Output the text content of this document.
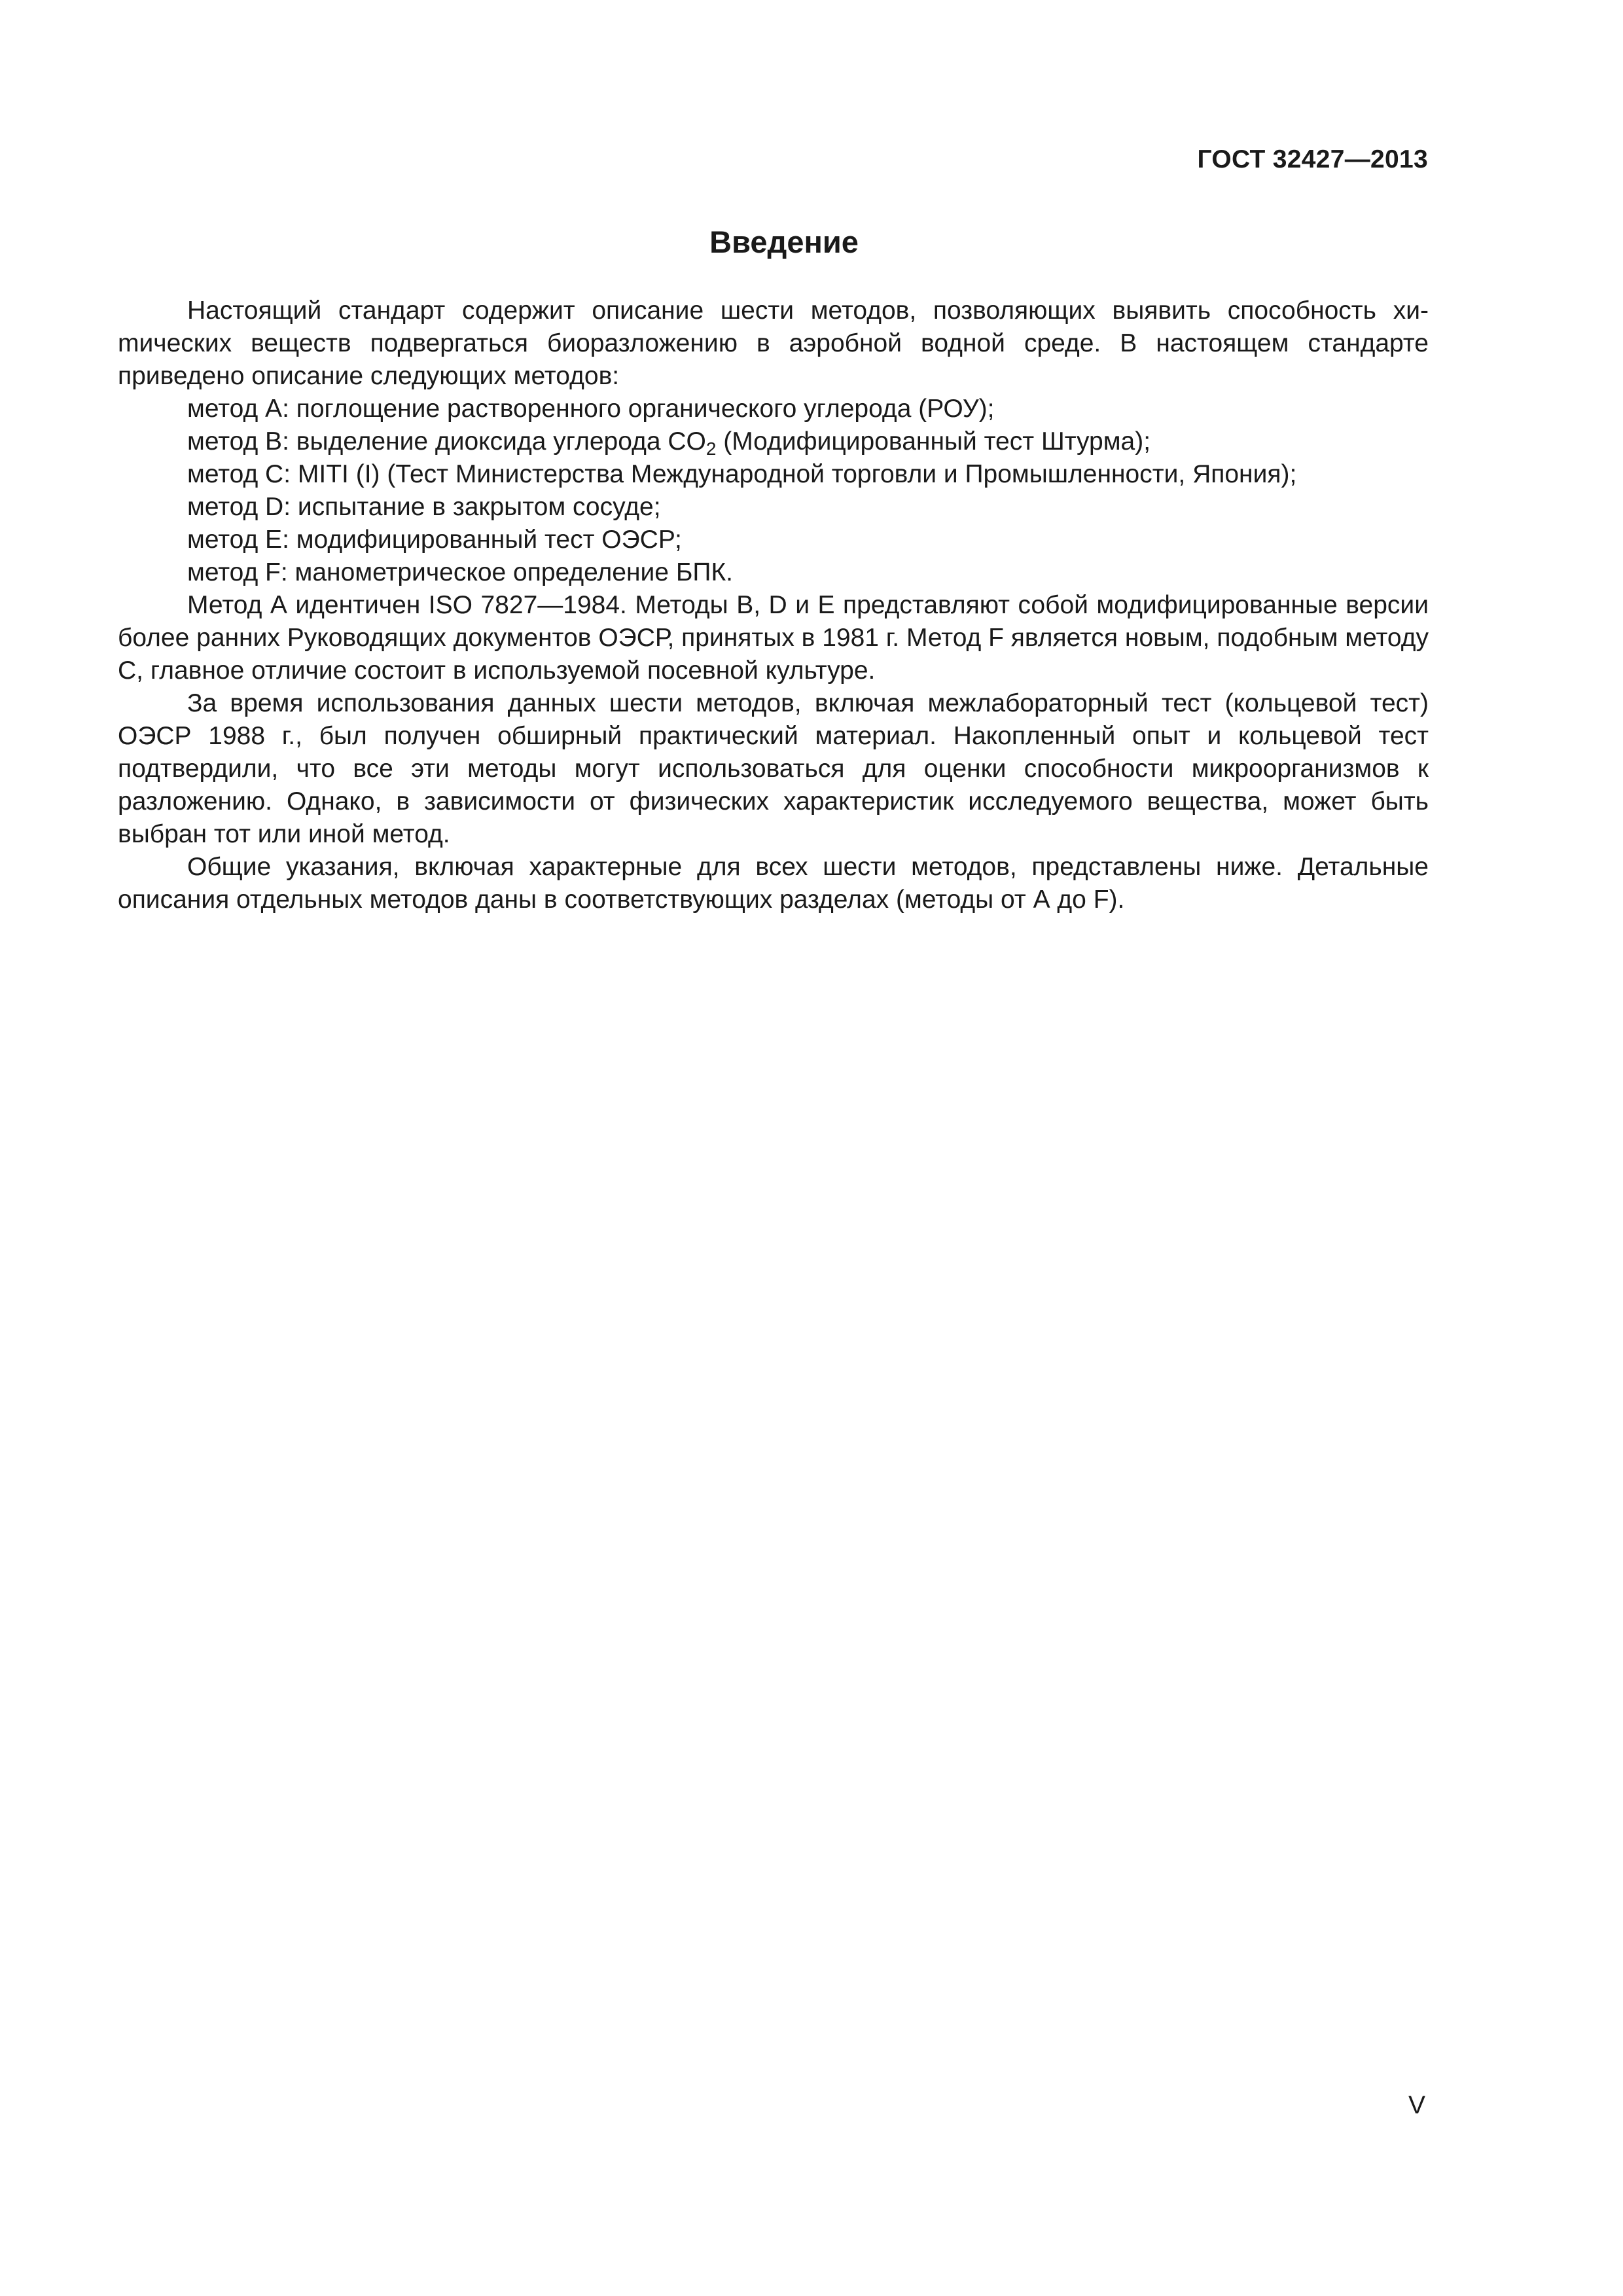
ГОСТ 32427—2013
Введение

Настоящий стандарт содержит описание шести методов, позволяющих выявить способность хиmических веществ подвергаться биоразложению в аэробной водной среде. В настоящем стандарте приведено описание следующих методов:

метод А: поглощение растворенного органического углерода (РОУ);

метод В: выделение диоксида углерода $CO_2$ (Модифицированный тест Штурма);

метод С: MITI (I) (Тест Министерства Международной торговли и Промышленности, Япония);

метод D: испытание в закрытом сосуде;

метод Е: модифицированный тест ОЭСР;

метод F: манометрическое определение БПК.

Метод А идентичен ISO 7827—1984. Методы B, D и E представляют собой модифицированные версии более ранних Руководящих документов ОЭСР, принятых в 1981 г. Метод F является новым, подобным методу С, главное отличие состоит в используемой посевной культуре.

За время использования данных шести методов, включая межлабораторный тест (кольцевой тест) ОЭСР 1988 г., был получен обширный практический материал. Накопленный опыт и кольцевой тест подтвердили, что все эти методы могут использоваться для оценки способности микроорганизмов к разложению. Однако, в зависимости от физических характеристик исследуемого вещества, может быть выбран тот или иной метод.

Общие указания, включая характерные для всех шести методов, представлены ниже. Детальные описания отдельных методов даны в соответствующих разделах (методы от А до F).

V
